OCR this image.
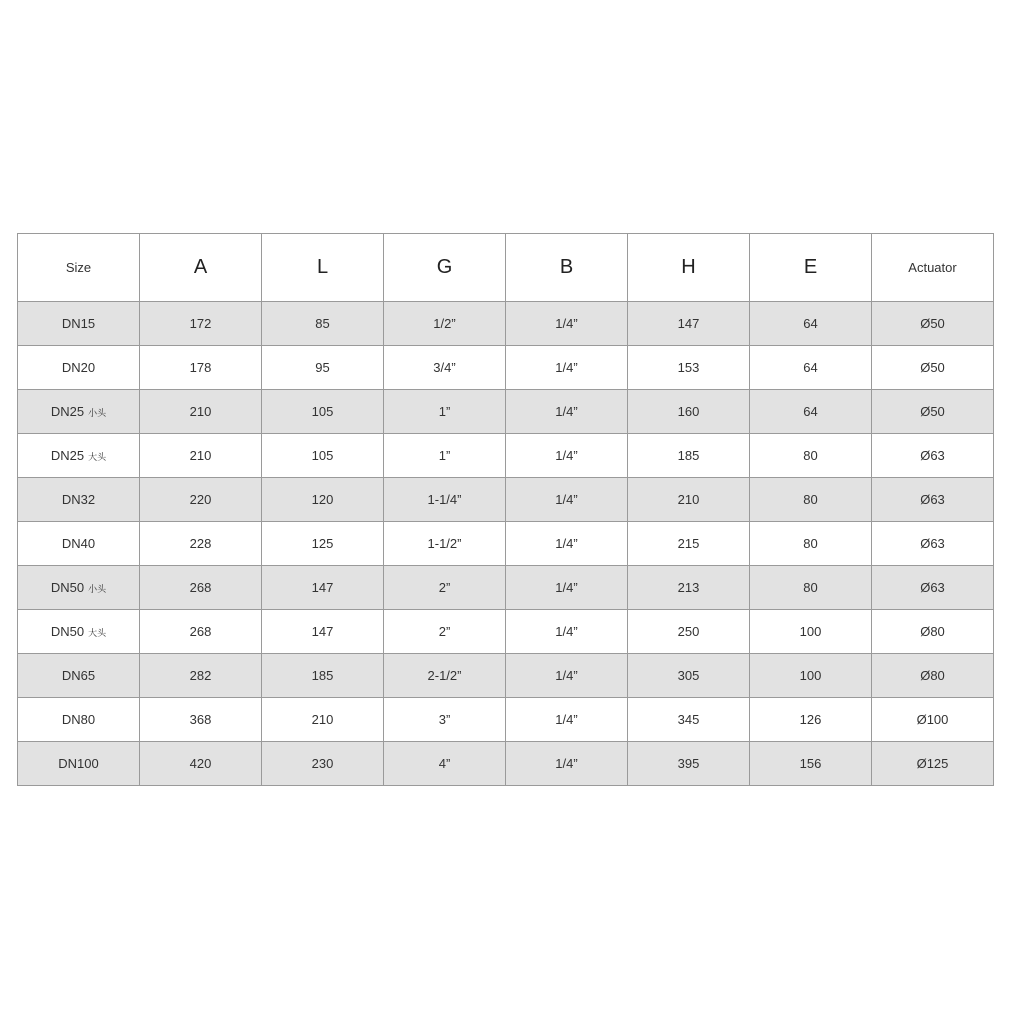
Size	A	L	G	B	H	E	Actuator
DN15	172	85	1/2”	1/4”	147	64	Ø50
DN20	178	95	3/4”	1/4”	153	64	Ø50
DN25 小头	210	105	1”	1/4”	160	64	Ø50
DN25 大头	210	105	1”	1/4”	185	80	Ø63
DN32	220	120	1-1/4”	1/4”	210	80	Ø63
DN40	228	125	1-1/2”	1/4”	215	80	Ø63
DN50 小头	268	147	2”	1/4”	213	80	Ø63
DN50 大头	268	147	2”	1/4”	250	100	Ø80
DN65	282	185	2-1/2”	1/4”	305	100	Ø80
DN80	368	210	3”	1/4”	345	126	Ø100
DN100	420	230	4”	1/4”	395	156	Ø125
